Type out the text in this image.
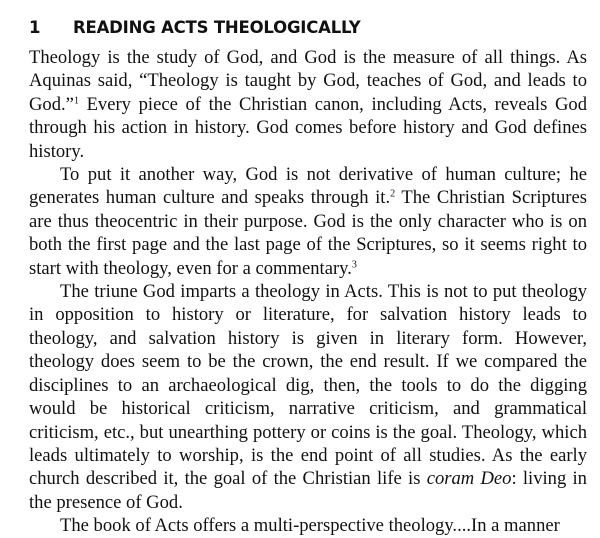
1 READING ACTS THEOLOGICALLY

Theology is the study of God, and God is the measure of all things. As Aquinas said, “Theology is taught by God, teaches of God, and leads to God.”$^1$ Every piece of the Christian canon, including Acts, reveals God through his action in history. God comes before history and God defines history.

To put it another way, God is not derivative of human culture; he generates human culture and speaks through it.$^2$ The Christian Scriptures are thus theocentric in their purpose. God is the only character who is on both the first page and the last page of the Scriptures, so it seems right to start with theology, even for a commentary.$^3$

The triune God imparts a theology in Acts. This is not to put theology in opposition to history or literature, for salvation history leads to theology, and salvation history is given in literary form. However, theology does seem to be the crown, the end result. If we compared the disciplines to an archaeological dig, then, the tools to do the digging would be historical criticism, narrative criticism, and grammatical criticism, etc., but unearthing pottery or coins is the goal. Theology, which leads ultimately to worship, is the end point of all studies. As the early church described it, the goal of the Christian life is coram Deo: living in the presence of God.

The book of Acts offers a multi-perspective theology....In a manner
